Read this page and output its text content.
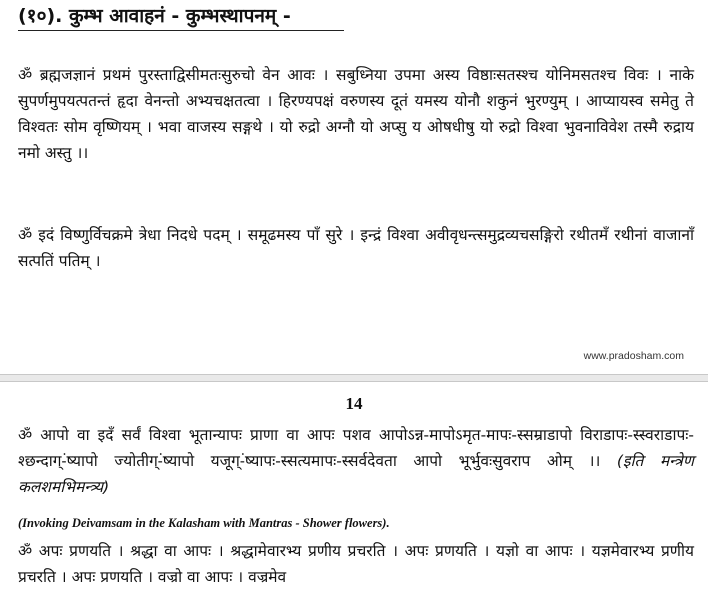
(१०). कुम्भ आवाहनं - कुम्भस्थापनम् -
ॐ ब्रह्मजज्ञानं प्रथमं पुरस्ताद्विसीमतःसुरुचो वेन आवः । सबुध्निया उपमा अस्य विष्ठाःसतस्श्च योनिमसतश्च विवः । नाके सुपर्णमुपयत्पतन्तं हृदा वेनन्तो अभ्यचक्षतत्वा । हिरण्यपक्षं वरुणस्य दूतं यमस्य योनौ शकुनं भुरण्युम् । आप्यायस्व समेतु ते विश्वतः सोम वृष्णियम् । भवा वाजस्य सङ्गथे । यो रुद्रो अग्नौ यो अप्सु य ओषधीषु यो रुद्रो विश्वा भुवनाविवेश तस्मै रुद्राय नमो अस्तु ।।
ॐ इदं विष्णुर्विचक्रमे त्रेधा निदधे पदम् । समूढमस्य पाँ सुरे । इन्द्रं विश्वा अवीवृधन्त्समुद्रव्यचसङ्गिरो रथीतमँ रथीनां वाजानाँ सत्पतिं पतिम् ।
www.pradosham.com
14
ॐ आपो वा इदँ सर्वं विश्वा भूतान्यापः प्राणा वा आपः पशव आपोऽन्न-मापोऽमृत-मापः-स्सम्राडापो विराडापः-स्स्वराडापः-श्छन्दाग्-ंष्यापो ज्योतीग्-ंष्यापो यजूग्-ंष्यापः-स्सत्यमापः-स्सर्वदेवता आपो भूर्भुवःसुवराप ओम् ।। (इति मन्त्रेण कलशमभिमन्त्र्य)
(Invoking Deivamsam in the Kalasham with Mantras - Shower flowers).
ॐ अपः प्रणयति । श्रद्धा वा आपः । श्रद्धामेवारभ्य प्रणीय प्रचरति । अपः प्रणयति । यज्ञो वा आपः । यज्ञमेवारभ्य प्रणीय प्रचरति । अपः प्रणयति । वज्रो वा आपः । वज्रमेव
